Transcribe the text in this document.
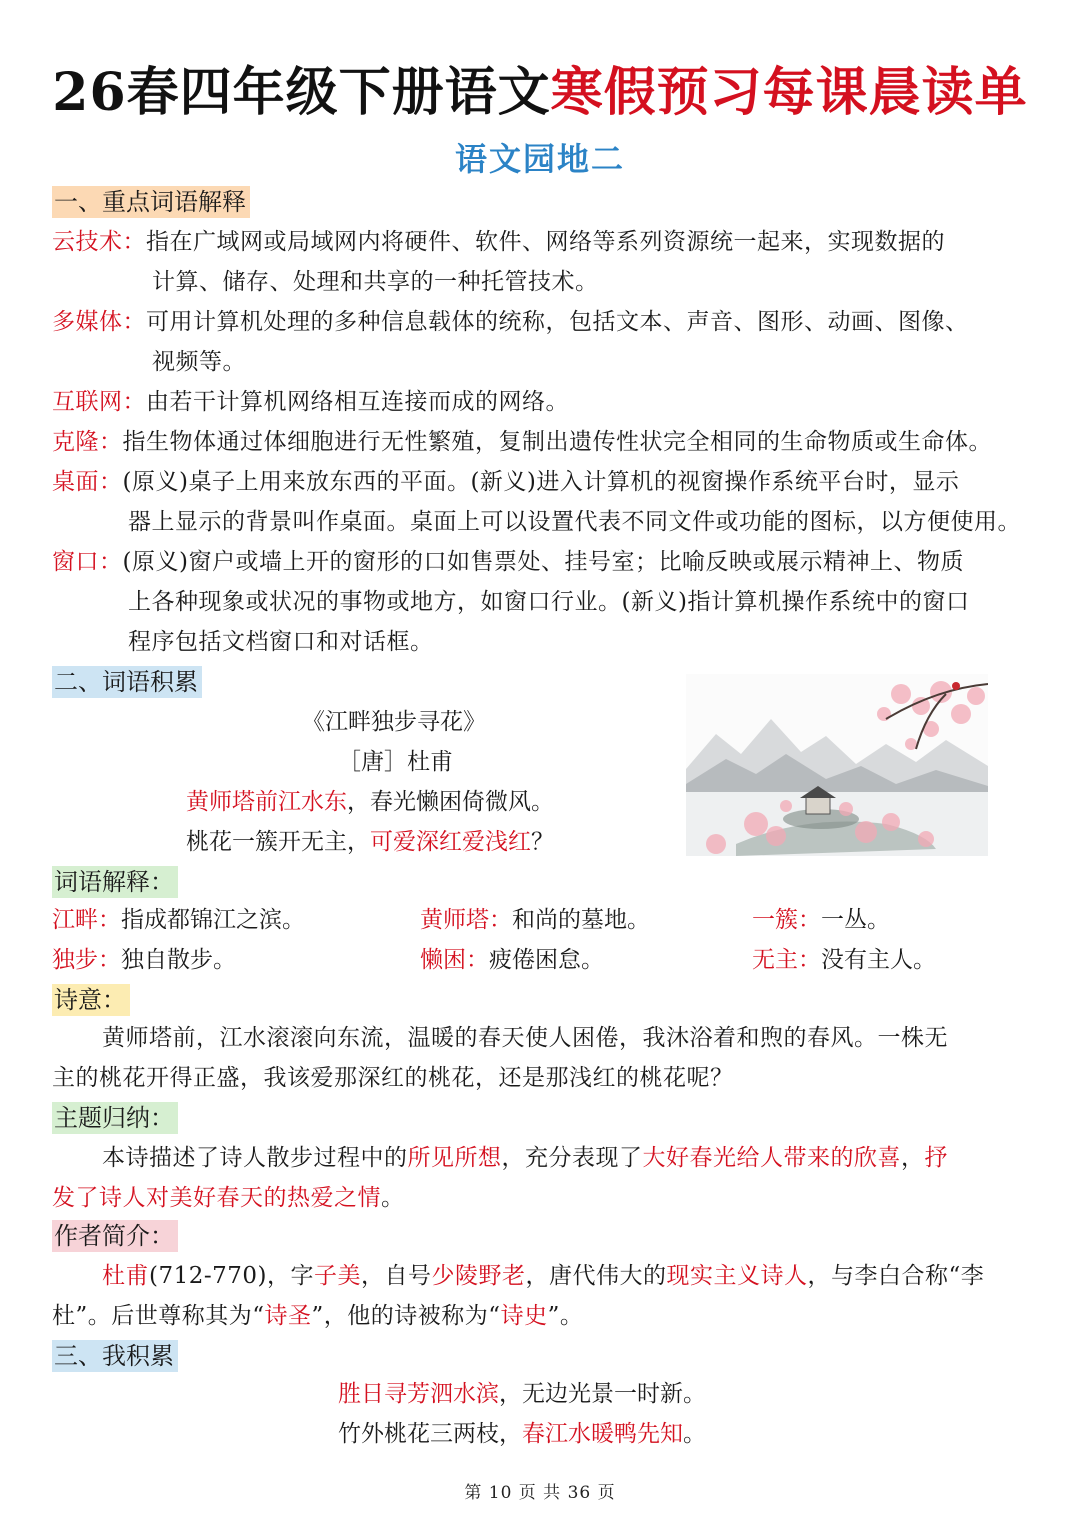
26春四年级下册语文寒假预习每课晨读单
语文园地二
一、重点词语解释
云技术：指在广域网或局域网内将硬件、软件、网络等系列资源统一起来，实现数据的
计算、储存、处理和共享的一种托管技术。
多媒体：可用计算机处理的多种信息载体的统称，包括文本、声音、图形、动画、图像、
视频等。
互联网：由若干计算机网络相互连接而成的网络。
克隆：指生物体通过体细胞进行无性繁殖，复制出遗传性状完全相同的生命物质或生命体。
桌面：(原义)桌子上用来放东西的平面。(新义)进入计算机的视窗操作系统平台时，显示
器上显示的背景叫作桌面。桌面上可以设置代表不同文件或功能的图标，以方便使用。
窗口：(原义)窗户或墙上开的窗形的口如售票处、挂号室；比喻反映或展示精神上、物质
上各种现象或状况的事物或地方，如窗口行业。(新义)指计算机操作系统中的窗口
程序包括文档窗口和对话框。
二、词语积累
《江畔独步寻花》
［唐］杜甫
黄师塔前江水东，春光懒困倚微风。
桃花一簇开无主，可爱深红爱浅红？
词语解释：
江畔：指成都锦江之滨。	黄师塔：和尚的墓地。	一簇：一丛。
独步：独自散步。	懒困：疲倦困怠。	无主：没有主人。
诗意：
黄师塔前，江水滚滚向东流，温暖的春天使人困倦，我沐浴着和煦的春风。一株无
主的桃花开得正盛，我该爱那深红的桃花，还是那浅红的桃花呢？
主题归纳：
本诗描述了诗人散步过程中的所见所想，充分表现了大好春光给人带来的欣喜，抒
发了诗人对美好春天的热爱之情。
作者简介：
杜甫(712-770)，字子美，自号少陵野老，唐代伟大的现实主义诗人，与李白合称“李
杜”。后世尊称其为“诗圣”，他的诗被称为“诗史”。
三、我积累
胜日寻芳泗水滨，无边光景一时新。
竹外桃花三两枝，春江水暖鸭先知。
第 10 页 共 36 页
